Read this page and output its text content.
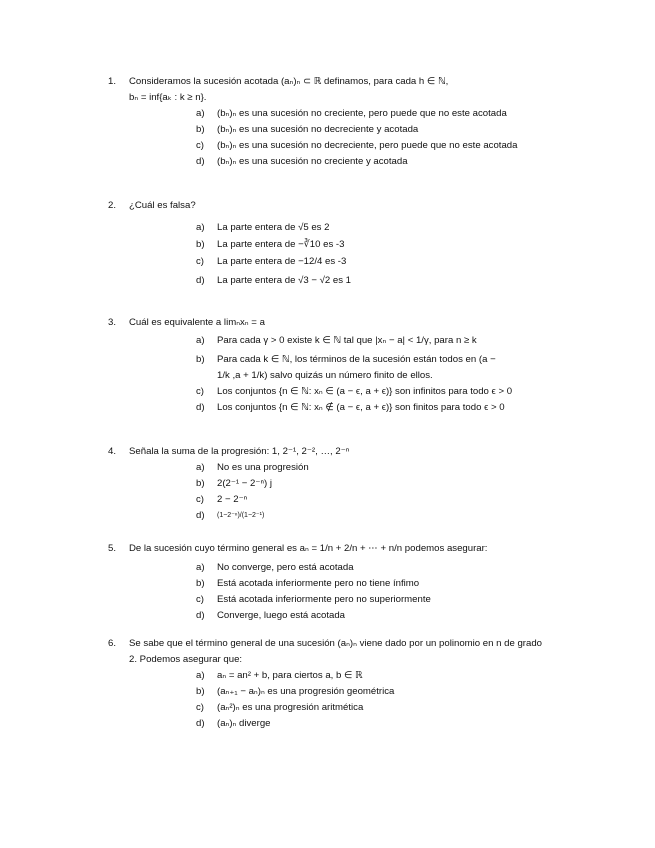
1. Consideramos la sucesión acotada (aₙ)ₙ ⊂ ℝ definamos, para cada h ∈ ℕ,
bₙ = inf{aₖ : k ≥ n}.
a) (bₙ)ₙ es una sucesión no creciente, pero puede que no este acotada
b) (bₙ)ₙ es una sucesión no decreciente y acotada
c) (bₙ)ₙ es una sucesión no decreciente, pero puede que no este acotada
d) (bₙ)ₙ es una sucesión no creciente y acotada
2. ¿Cuál es falsa?
a) La parte entera de √5 es 2
b) La parte entera de −∛10 es -3
c) La parte entera de −12/4 es -3
d) La parte entera de √3 − √2 es 1
3. Cuál es equivalente a limₙxₙ = a
a) Para cada γ > 0 existe k ∈ ℕ tal que |xₙ − a| < 1/γ, para n ≥ k
b) Para cada k ∈ ℕ, los términos de la sucesión están todos en (a −
1/k ,a + 1/k) salvo quizás un número finito de ellos.
c) Los conjuntos {n ∈ ℕ: xₙ ∈ (a − ϵ, a + ϵ)} son infinitos para todo ϵ > 0
d) Los conjuntos {n ∈ ℕ: xₙ ∉ (a − ϵ, a + ϵ)} son finitos para todo ϵ > 0
4. Señala la suma de la progresión: 1, 2⁻¹, 2⁻², …, 2⁻ⁿ
a) No es una progresión
b) 2(2⁻¹ − 2⁻ⁿ) j
c) 2 − 2⁻ⁿ
d) (1−2⁻ⁿ)/(1−2⁻¹)
5. De la sucesión cuyo término general es aₙ = 1/n + 2/n + ⋯ + n/n podemos asegurar:
a) No converge, pero está acotada
b) Está acotada inferiormente pero no tiene ínfimo
c) Está acotada inferiormente pero no superiormente
d) Converge, luego está acotada
6. Se sabe que el término general de una sucesión (aₙ)ₙ viene dado por un polinomio en n de grado
2. Podemos asegurar que:
a) aₙ = an² + b, para ciertos a, b ∈ ℝ
b) (aₙ₊₁ − aₙ)ₙ es una progresión geométrica
c) (aₙ²)ₙ es una progresión aritmética
d) (aₙ)ₙ diverge
